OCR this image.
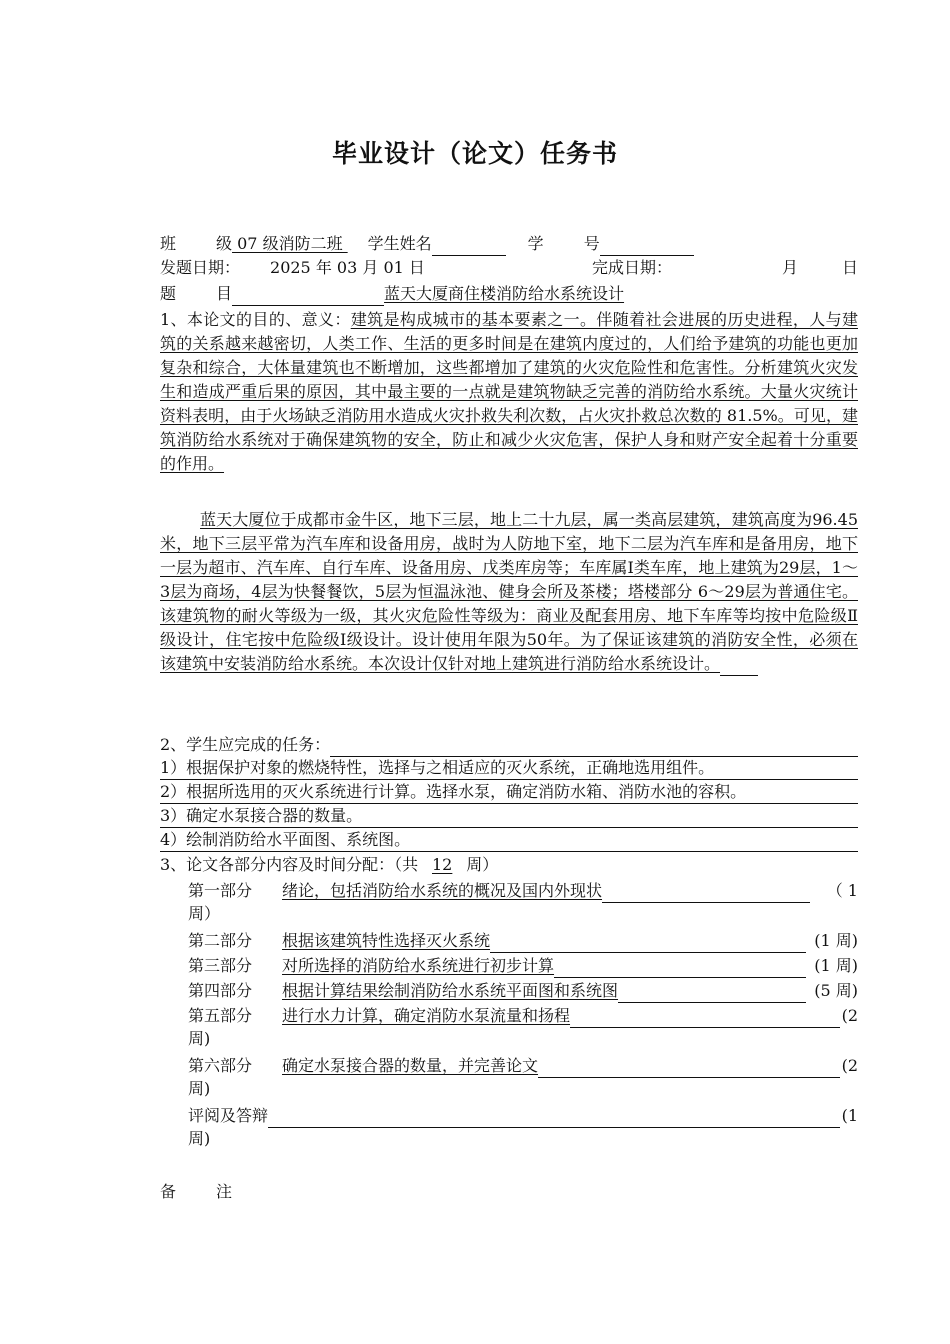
毕业设计（论文）任务书
班	级 07 级消防二班 学生姓名	学	号
发题日期： 2025 年 03 月 01 日	完成日期：	月	日
题	目	蓝天大厦商住楼消防给水系统设计
1、本论文的目的、意义：建筑是构成城市的基本要素之一。伴随着社会进展的历史进程，人与建筑的关系越来越密切，人类工作、生活的更多时间是在建筑内度过的，人们给予建筑的功能也更加复杂和综合，大体量建筑也不断增加，这些都增加了建筑的火灾危险性和危害性。分析建筑火灾发生和造成严重后果的原因，其中最主要的一点就是建筑物缺乏完善的消防给水系统。大量火灾统计资料表明，由于火场缺乏消防用水造成火灾扑救失利次数，占火灾扑救总次数的 81.5%。可见，建筑消防给水系统对于确保建筑物的安全，防止和减少火灾危害，保护人身和财产安全起着十分重要的作用。
蓝天大厦位于成都市金牛区，地下三层，地上二十九层，属一类高层建筑，建筑高度为96.45米，地下三层平常为汽车库和设备用房，战时为人防地下室，地下二层为汽车库和是备用房，地下一层为超市、汽车库、自行车库、设备用房、戊类库房等；车库属Ⅰ类车库，地上建筑为29层，1～3层为商场，4层为快餐餐饮，5层为恒温泳池、健身会所及茶楼；塔楼部分 6～29层为普通住宅。该建筑物的耐火等级为一级，其火灾危险性等级为：商业及配套用房、地下车库等均按中危险级Ⅱ级设计，住宅按中危险级Ⅰ级设计。设计使用年限为50年。为了保证该建筑的消防安全性，必须在该建筑中安装消防给水系统。本次设计仅针对地上建筑进行消防给水系统设计。
2、学生应完成的任务：
1）根据保护对象的燃烧特性，选择与之相适应的灭火系统，正确地选用组件。
2）根据所选用的灭火系统进行计算。选择水泵，确定消防水箱、消防水池的容积。
3）确定水泵接合器的数量。
4）绘制消防给水平面图、系统图。
3、论文各部分内容及时间分配：（共 12 周）
第一部分	绪论，包括消防给水系统的概况及国内外现状	（ 1
周）
第二部分	根据该建筑特性选择灭火系统	(1 周)
第三部分	对所选择的消防给水系统进行初步计算	(1 周)
第四部分	根据计算结果绘制消防给水系统平面图和系统图	(5 周)
第五部分	进行水力计算，确定消防水泵流量和扬程	(2
周)
第六部分	确定水泵接合器的数量，并完善论文	(2
周)
评阅及答辩	(1
周)
备	注
